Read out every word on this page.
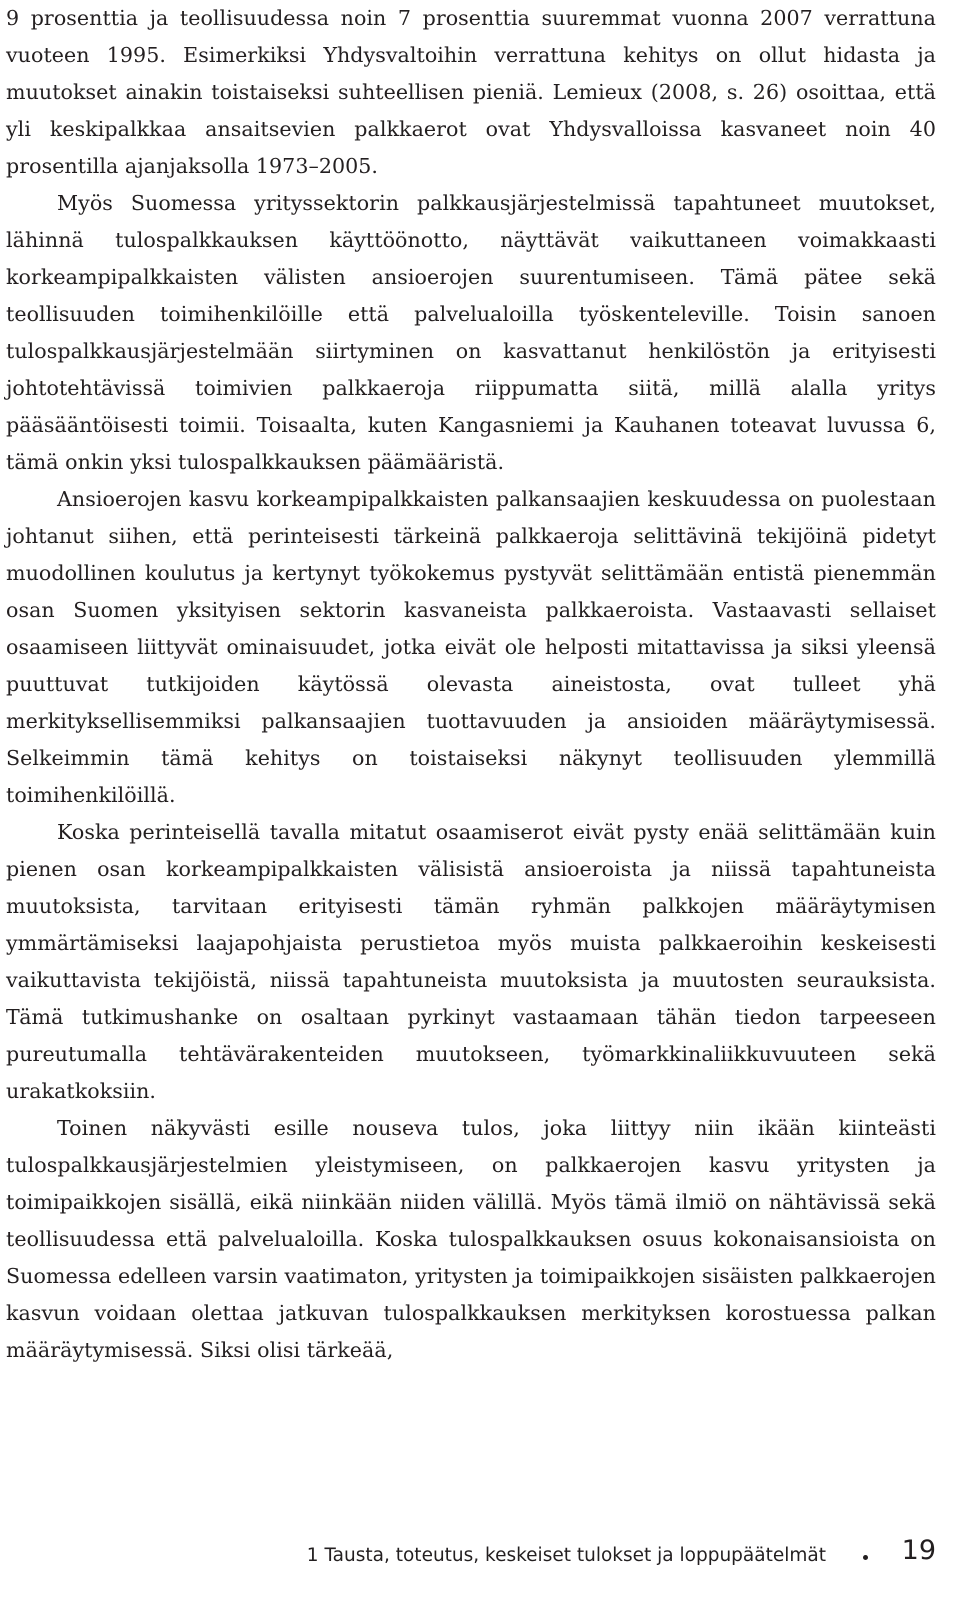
9 prosenttia ja teollisuudessa noin 7 prosenttia suuremmat vuonna 2007 verrattuna vuoteen 1995. Esimerkiksi Yhdysvaltoihin verrattuna kehitys on ollut hidasta ja muutokset ainakin toistaiseksi suhteellisen pieniä. Lemieux (2008, s. 26) osoittaa, että yli keskipalkkaa ansaitsevien palkkaerot ovat Yhdysvalloissa kasvaneet noin 40 prosentilla ajanjaksolla 1973–2005.

Myös Suomessa yrityssektorin palkkausjärjestelmissä tapahtuneet muutokset, lähinnä tulospalkkauksen käyttöönotto, näyttävät vaikuttaneen voimakkaasti korkeampipalkkaisten välisten ansioerojen suurentumiseen. Tämä pätee sekä teollisuuden toimihenkilöille että palvelualoilla työskenteleville. Toisin sanoen tulospalkkausjärjestelmään siirtyminen on kasvattanut henkilöstön ja erityisesti johtotehtävissä toimivien palkkaeroja riippumatta siitä, millä alalla yritys pääsääntöisesti toimii. Toisaalta, kuten Kangasniemi ja Kauhanen toteavat luvussa 6, tämä onkin yksi tulospalkkauksen päämääristä.

Ansioerojen kasvu korkeampipalkkaisten palkansaajien keskuudessa on puolestaan johtanut siihen, että perinteisesti tärkeinä palkkaeroja selittävinä tekijöinä pidetyt muodollinen koulutus ja kertynyt työkokemus pystyvät selittämään entistä pienemmän osan Suomen yksityisen sektorin kasvaneista palkkaeroista. Vastaavasti sellaiset osaamiseen liittyvät ominaisuudet, jotka eivät ole helposti mitattavissa ja siksi yleensä puuttuvat tutkijoiden käytössä olevasta aineistosta, ovat tulleet yhä merkityksellisemmiksi palkansaajien tuottavuuden ja ansioiden määräytymisessä. Selkeimmin tämä kehitys on toistaiseksi näkynyt teollisuuden ylemmillä toimihenkilöillä.

Koska perinteisellä tavalla mitatut osaamiserot eivät pysty enää selittämään kuin pienen osan korkeampipalkkaisten välisistä ansioeroista ja niissä tapahtuneista muutoksista, tarvitaan erityisesti tämän ryhmän palkkojen määräytymisen ymmärtämiseksi laajapohjaista perustietoa myös muista palkkaeroihin keskeisesti vaikuttavista tekijöistä, niissä tapahtuneista muutoksista ja muutosten seurauksista. Tämä tutkimushanke on osaltaan pyrkinyt vastaamaan tähän tiedon tarpeeseen pureutumalla tehtävärakenteiden muutokseen, työmarkkinaliikkuvuuteen sekä urakatkoksiin.

Toinen näkyvästi esille nouseva tulos, joka liittyy niin ikään kiinteästi tulospalkkausjärjestelmien yleistymiseen, on palkkaerojen kasvu yritysten ja toimipaikkojen sisällä, eikä niinkään niiden välillä. Myös tämä ilmiö on nähtävissä sekä teollisuudessa että palvelualoilla. Koska tulospalkkauksen osuus kokonaisansioista on Suomessa edelleen varsin vaatimaton, yritysten ja toimipaikkojen sisäisten palkkaerojen kasvun voidaan olettaa jatkuvan tulospalkkauksen merkityksen korostuessa palkan määräytymisessä. Siksi olisi tärkeää,

1 Tausta, toteutus, keskeiset tulokset ja loppupäätelmät	19
